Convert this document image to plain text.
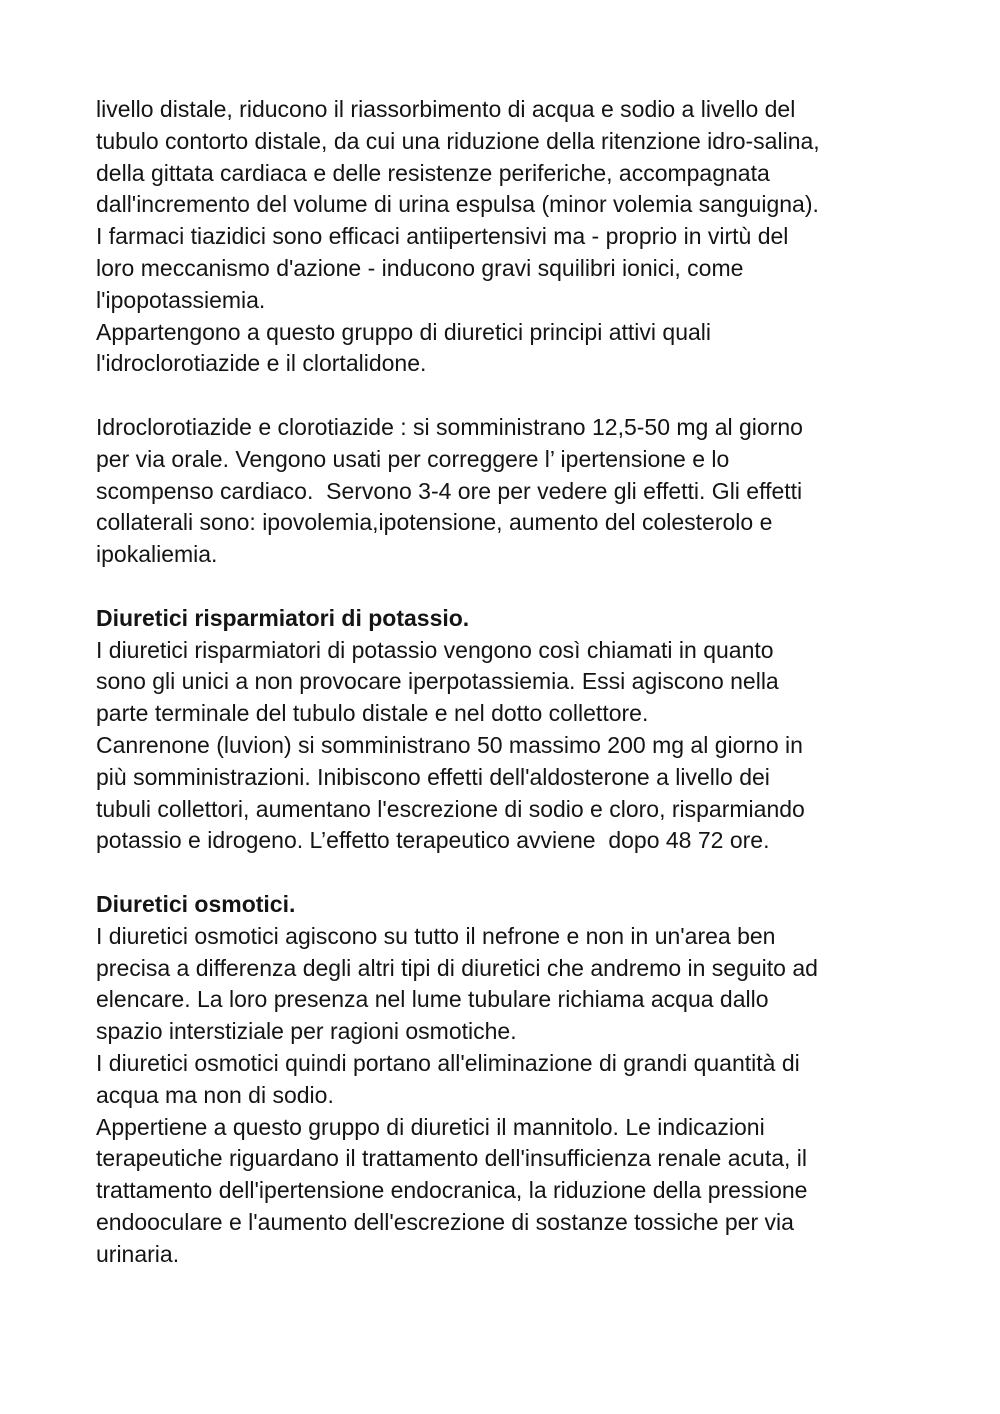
livello distale, riducono il riassorbimento di acqua e sodio a livello del
tubulo contorto distale, da cui una riduzione della ritenzione idro-salina,
della gittata cardiaca e delle resistenze periferiche, accompagnata
dall'incremento del volume di urina espulsa (minor volemia sanguigna).
I farmaci tiazidici sono efficaci antiipertensivi ma - proprio in virtù del
loro meccanismo d'azione - inducono gravi squilibri ionici, come
l'ipopotassiemia.
Appartengono a questo gruppo di diuretici principi attivi quali
l'idroclorotiazide e il clortalidone.
Idroclorotiazide e clorotiazide : si somministrano 12,5-50 mg al giorno
per via orale. Vengono usati per correggere l’ ipertensione e lo
scompenso cardiaco.  Servono 3-4 ore per vedere gli effetti. Gli effetti
collaterali sono: ipovolemia,ipotensione, aumento del colesterolo e
ipokaliemia.
Diuretici risparmiatori di potassio.
I diuretici risparmiatori di potassio vengono così chiamati in quanto
sono gli unici a non provocare iperpotassiemia. Essi agiscono nella
parte terminale del tubulo distale e nel dotto collettore.
Canrenone (luvion) si somministrano 50 massimo 200 mg al giorno in
più somministrazioni. Inibiscono effetti dell'aldosterone a livello dei
tubuli collettori, aumentano l'escrezione di sodio e cloro, risparmiando
potassio e idrogeno. L’effetto terapeutico avviene  dopo 48 72 ore.
Diuretici osmotici.
I diuretici osmotici agiscono su tutto il nefrone e non in un'area ben
precisa a differenza degli altri tipi di diuretici che andremo in seguito ad
elencare. La loro presenza nel lume tubulare richiama acqua dallo
spazio interstiziale per ragioni osmotiche.
I diuretici osmotici quindi portano all'eliminazione di grandi quantità di
acqua ma non di sodio.
Appertiene a questo gruppo di diuretici il mannitolo. Le indicazioni
terapeutiche riguardano il trattamento dell'insufficienza renale acuta, il
trattamento dell'ipertensione endocranica, la riduzione della pressione
endooculare e l'aumento dell'escrezione di sostanze tossiche per via
urinaria.
